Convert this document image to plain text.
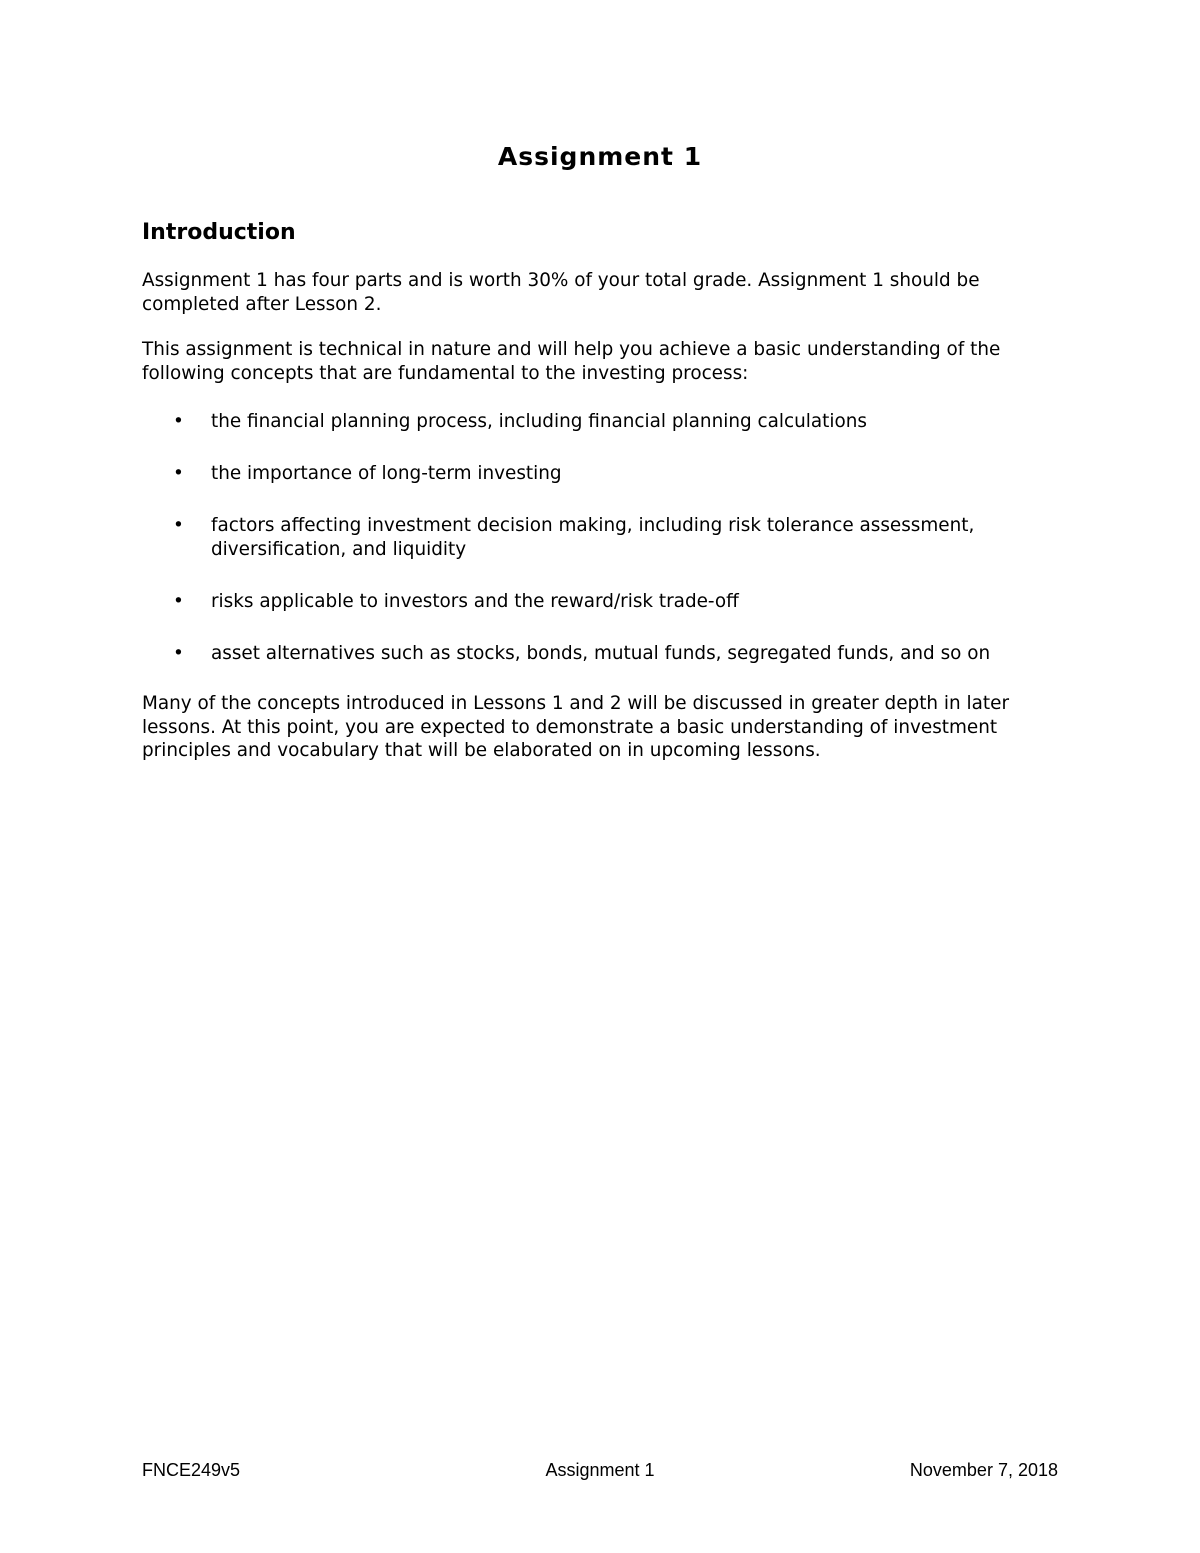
Assignment 1
Introduction

Assignment 1 has four parts and is worth 30% of your total grade. Assignment 1 should be completed after Lesson 2.

This assignment is technical in nature and will help you achieve a basic understanding of the following concepts that are fundamental to the investing process:

• the financial planning process, including financial planning calculations
• the importance of long-term investing
• factors affecting investment decision making, including risk tolerance assessment, diversification, and liquidity
• risks applicable to investors and the reward/risk trade-off
• asset alternatives such as stocks, bonds, mutual funds, segregated funds, and so on

Many of the concepts introduced in Lessons 1 and 2 will be discussed in greater depth in later lessons. At this point, you are expected to demonstrate a basic understanding of investment principles and vocabulary that will be elaborated on in upcoming lessons.

FNCE249v5	Assignment 1	November 7, 2018
